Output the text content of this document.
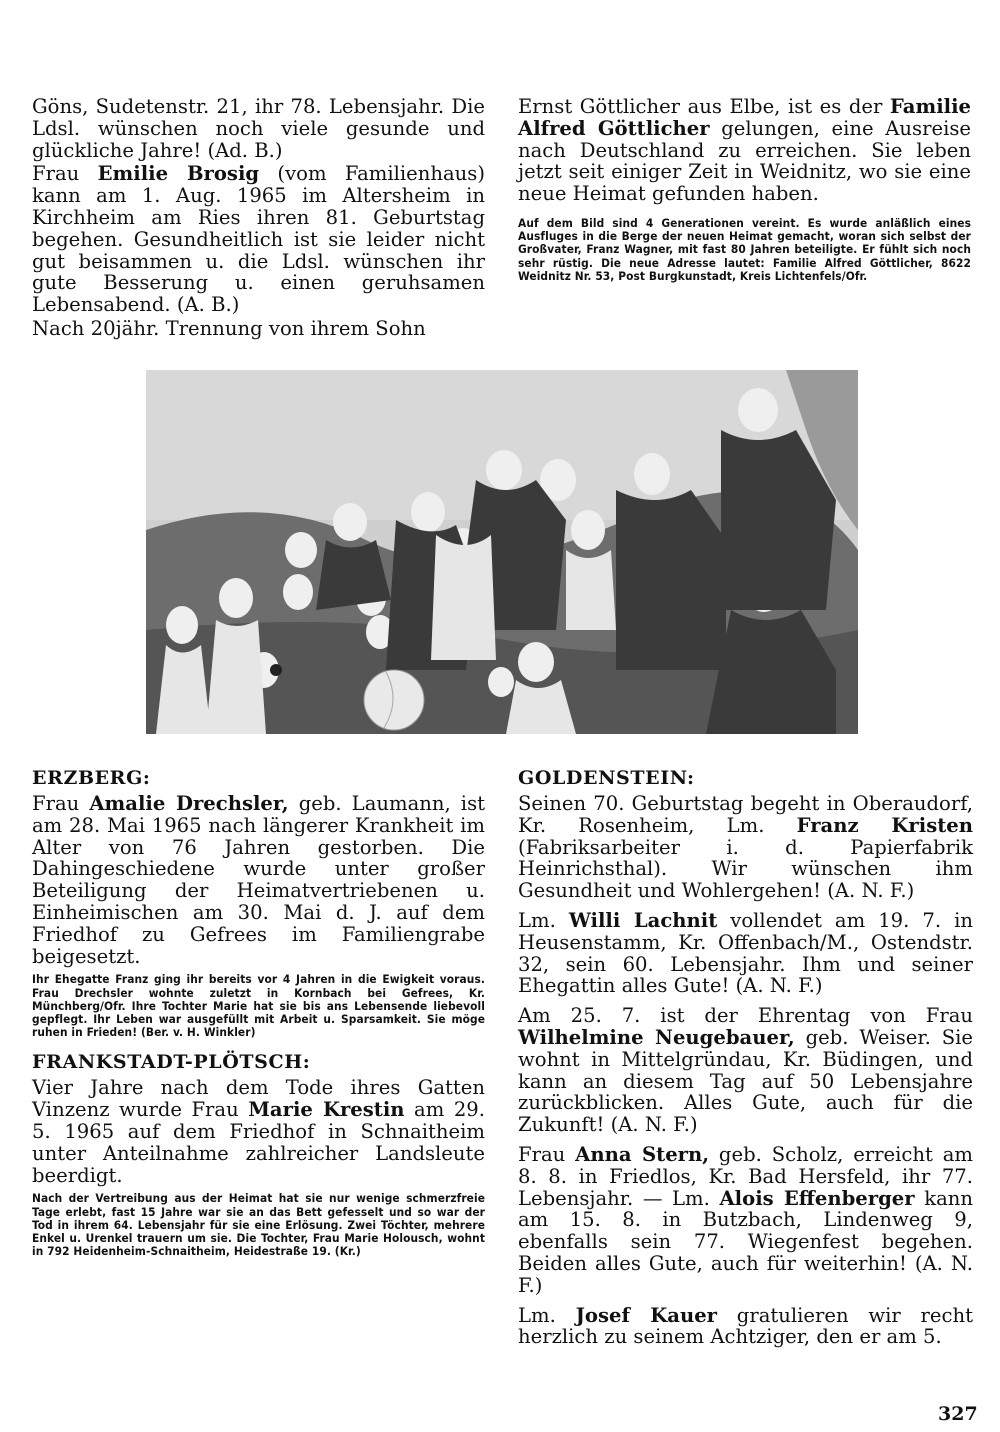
Göns, Sudetenstr. 21, ihr 78. Lebensjahr. Die Ldsl. wünschen noch viele gesunde und glückliche Jahre! (Ad. B.)

Frau Emilie Brosig (vom Familienhaus) kann am 1. Aug. 1965 im Altersheim in Kirchheim am Ries ihren 81. Geburtstag begehen. Gesundheitlich ist sie leider nicht gut beisammen u. die Ldsl. wünschen ihr gute Besserung u. einen geruhsamen Lebensabend. (A. B.)

Nach 20jähr. Trennung von ihrem Sohn

Ernst Göttlicher aus Elbe, ist es der Familie Alfred Göttlicher gelungen, eine Ausreise nach Deutschland zu erreichen. Sie leben jetzt seit einiger Zeit in Weidnitz, wo sie eine neue Heimat gefunden haben.

Auf dem Bild sind 4 Generationen vereint. Es wurde anläßlich eines Ausfluges in die Berge der neuen Heimat gemacht, woran sich selbst der Großvater, Franz Wagner, mit fast 80 Jahren beteiligte. Er fühlt sich noch sehr rüstig. Die neue Adresse lautet: Familie Alfred Göttlicher, 8622 Weidnitz Nr. 53, Post Burgkunstadt, Kreis Lichtenfels/Ofr.

ERZBERG:

Frau Amalie Drechsler, geb. Laumann, ist am 28. Mai 1965 nach längerer Krankheit im Alter von 76 Jahren gestorben. Die Dahingeschiedene wurde unter großer Beteiligung der Heimatvertriebenen u. Einheimischen am 30. Mai d. J. auf dem Friedhof zu Gefrees im Familiengrabe beigesetzt.

Ihr Ehegatte Franz ging ihr bereits vor 4 Jahren in die Ewigkeit voraus. Frau Drechsler wohnte zuletzt in Kornbach bei Gefrees, Kr. Münchberg/Ofr. Ihre Tochter Marie hat sie bis ans Lebensende liebevoll gepflegt. Ihr Leben war ausgefüllt mit Arbeit u. Sparsamkeit. Sie möge ruhen in Frieden! (Ber. v. H. Winkler)

FRANKSTADT-PLÖTSCH:

Vier Jahre nach dem Tode ihres Gatten Vinzenz wurde Frau Marie Krestin am 29. 5. 1965 auf dem Friedhof in Schnaitheim unter Anteilnahme zahlreicher Landsleute beerdigt.

Nach der Vertreibung aus der Heimat hat sie nur wenige schmerzfreie Tage erlebt, fast 15 Jahre war sie an das Bett gefesselt und so war der Tod in ihrem 64. Lebensjahr für sie eine Erlösung. Zwei Töchter, mehrere Enkel u. Urenkel trauern um sie. Die Tochter, Frau Marie Holousch, wohnt in 792 Heidenheim-Schnaitheim, Heidestraße 19. (Kr.)

GOLDENSTEIN:

Seinen 70. Geburtstag begeht in Oberaudorf, Kr. Rosenheim, Lm. Franz Kristen (Fabriksarbeiter i. d. Papierfabrik Heinrichsthal). Wir wünschen ihm Gesundheit und Wohlergehen! (A. N. F.)

Lm. Willi Lachnit vollendet am 19. 7. in Heusenstamm, Kr. Offenbach/M., Ostendstr. 32, sein 60. Lebensjahr. Ihm und seiner Ehegattin alles Gute! (A. N. F.)

Am 25. 7. ist der Ehrentag von Frau Wilhelmine Neugebauer, geb. Weiser. Sie wohnt in Mittelgründau, Kr. Büdingen, und kann an diesem Tag auf 50 Lebensjahre zurückblicken. Alles Gute, auch für die Zukunft! (A. N. F.)

Frau Anna Stern, geb. Scholz, erreicht am 8. 8. in Friedlos, Kr. Bad Hersfeld, ihr 77. Lebensjahr. — Lm. Alois Effenberger kann am 15. 8. in Butzbach, Lindenweg 9, ebenfalls sein 77. Wiegenfest begehen. Beiden alles Gute, auch für weiterhin! (A. N. F.)

Lm. Josef Kauer gratulieren wir recht herzlich zu seinem Achtziger, den er am 5.

327
